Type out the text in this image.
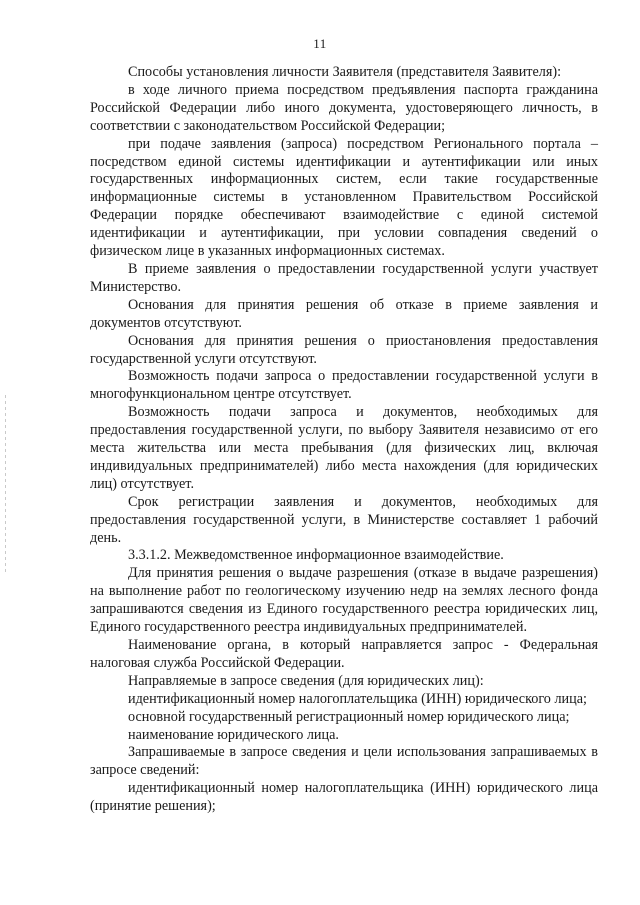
11

Способы установления личности Заявителя (представителя Заявителя):

в ходе личного приема посредством предъявления паспорта гражданина Российской Федерации либо иного документа, удостоверяющего личность, в соответствии с законодательством Российской Федерации;

при подаче заявления (запроса) посредством Регионального портала – посредством единой системы идентификации и аутентификации или иных государственных информационных систем, если такие государственные информационные системы в установленном Правительством Российской Федерации порядке обеспечивают взаимодействие с единой системой идентификации и аутентификации, при условии совпадения сведений о физическом лице в указанных информационных системах.

В приеме заявления о предоставлении государственной услуги участвует Министерство.

Основания для принятия решения об отказе в приеме заявления и документов отсутствуют.

Основания для принятия решения о приостановления предоставления государственной услуги отсутствуют.

Возможность подачи запроса о предоставлении государственной услуги в многофункциональном центре отсутствует.

Возможность подачи запроса и документов, необходимых для предоставления государственной услуги, по выбору Заявителя независимо от его места жительства или места пребывания (для физических лиц, включая индивидуальных предпринимателей) либо места нахождения (для юридических лиц) отсутствует.

Срок регистрации заявления и документов, необходимых для предоставления государственной услуги, в Министерстве составляет 1 рабочий день.

3.3.1.2. Межведомственное информационное взаимодействие.

Для принятия решения о выдаче разрешения (отказе в выдаче разрешения) на выполнение работ по геологическому изучению недр на землях лесного фонда запрашиваются сведения из Единого государственного реестра юридических лиц, Единого государственного реестра индивидуальных предпринимателей.

Наименование органа, в который направляется запрос - Федеральная налоговая служба Российской Федерации.

Направляемые в запросе сведения (для юридических лиц):

идентификационный номер налогоплательщика (ИНН) юридического лица;

основной государственный регистрационный номер юридического лица;

наименование юридического лица.

Запрашиваемые в запросе сведения и цели использования запрашиваемых в запросе сведений:

идентификационный номер налогоплательщика (ИНН) юридического лица (принятие решения);
